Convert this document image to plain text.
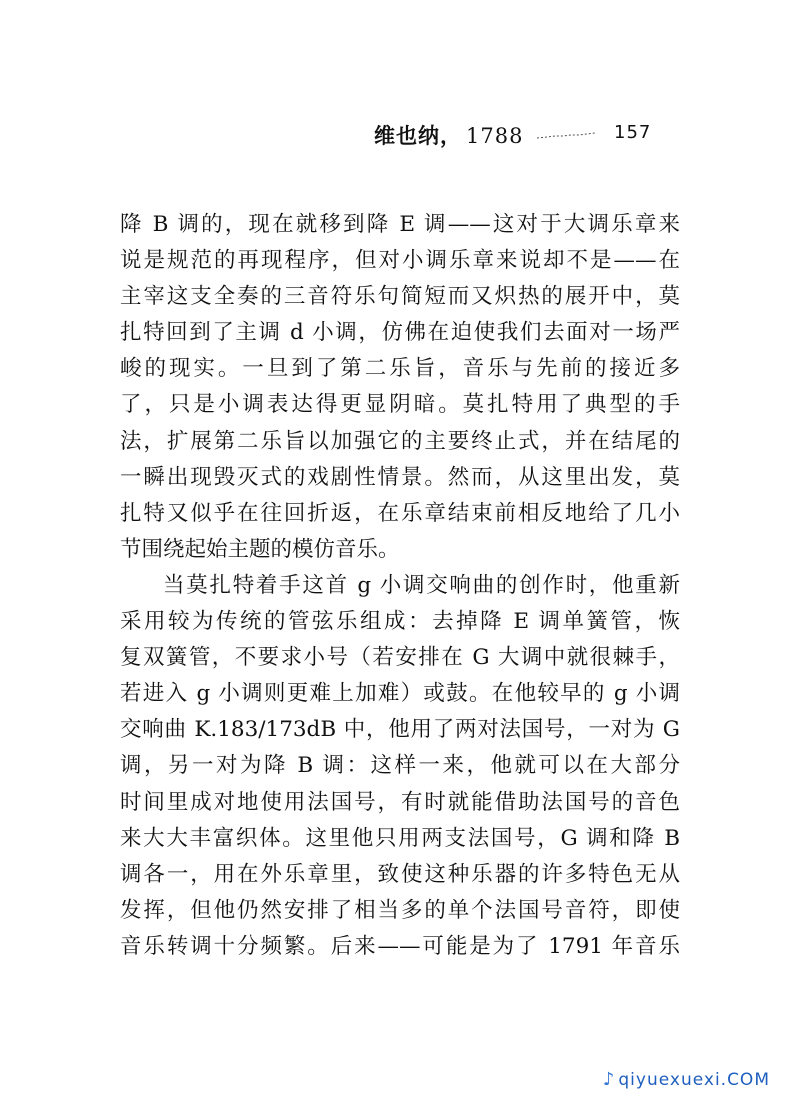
维也纳， 1788	157

降 B 调的，现在就移到降 E 调——这对于大调乐章来
说是规范的再现程序，但对小调乐章来说却不是——在
主宰这支全奏的三音符乐句简短而又炽热的展开中，莫
扎特回到了主调 d 小调，仿佛在迫使我们去面对一场严
峻的现实。一旦到了第二乐旨，音乐与先前的接近多
了，只是小调表达得更显阴暗。莫扎特用了典型的手
法，扩展第二乐旨以加强它的主要终止式，并在结尾的
一瞬出现毁灭式的戏剧性情景。然而，从这里出发，莫
扎特又似乎在往回折返，在乐章结束前相反地给了几小
节围绕起始主题的模仿音乐。

当莫扎特着手这首 g 小调交响曲的创作时，他重新
采用较为传统的管弦乐组成：去掉降 E 调单簧管，恢
复双簧管，不要求小号（若安排在 G 大调中就很棘手，
若进入 g 小调则更难上加难）或鼓。在他较早的 g 小调
交响曲 K.183/173dB 中，他用了两对法国号，一对为 G
调，另一对为降 B 调：这样一来，他就可以在大部分
时间里成对地使用法国号，有时就能借助法国号的音色
来大大丰富织体。这里他只用两支法国号，G 调和降 B
调各一，用在外乐章里，致使这种乐器的许多特色无从
发挥，但他仍然安排了相当多的单个法国号音符，即使
音乐转调十分频繁。后来——可能是为了 1791 年音乐

♪ qiyuexuexi.COM
